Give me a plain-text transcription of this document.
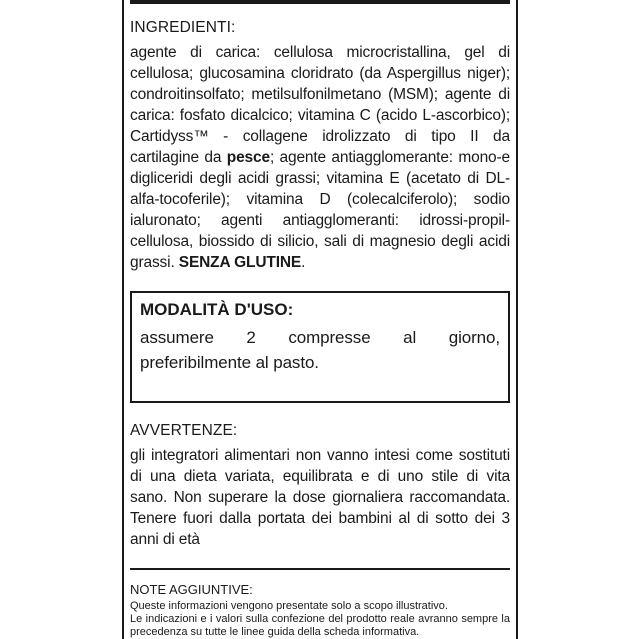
INGREDIENTI:

agente di carica: cellulosa microcristallina, gel di cellulosa; glucosamina cloridrato (da Aspergillus niger); condroitinsolfato; metilsulfonilmetano (MSM); agente di carica: fosfato dicalcico; vitamina C (acido L-ascorbico); Cartidyss™ - collagene idrolizzato di tipo II da cartilagine da pesce; agente antiagglomerante: mono-e digliceridi degli acidi grassi; vitamina E (acetato di DL-alfa-tocoferile); vitamina D (colecalciferolo); sodio ialuronato; agenti antiagglomeranti: idrossi-propil-cellulosa, biossido di silicio, sali di magnesio degli acidi grassi. SENZA GLUTINE.

MODALITÀ D'USO:
assumere 2 compresse al giorno, preferibilmente al pasto.
AVVERTENZE:

gli integratori alimentari non vanno intesi come sostituti di una dieta variata, equilibrata e di uno stile di vita sano. Non superare la dose giornaliera raccomandata. Tenere fuori dalla portata dei bambini al di sotto dei 3 anni di età

NOTE AGGIUNTIVE:

Queste informazioni vengono presentate solo a scopo illustrativo.
Le indicazioni e i valori sulla confezione del prodotto reale avranno sempre la precedenza su tutte le linee guida della scheda informativa.
